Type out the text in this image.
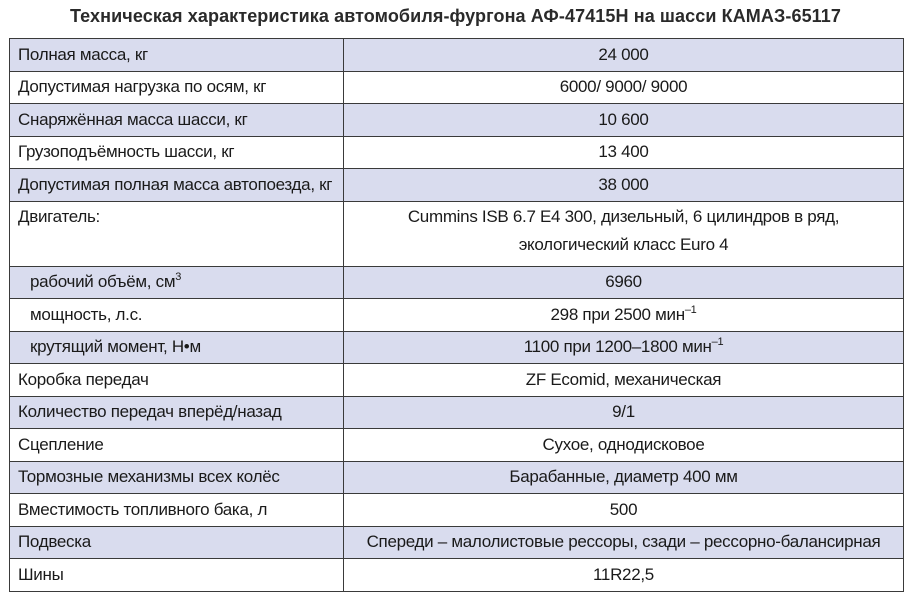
Техническая характеристика автомобиля-фургона АФ-47415Н на шасси КАМАЗ-65117
Полная масса, кг	24 000
Допустимая нагрузка по осям, кг	6000/ 9000/ 9000
Снаряжённая масса шасси, кг	10 600
Грузоподъёмность шасси, кг	13 400
Допустимая полная масса автопоезда, кг	38 000
Двигатель:	Cummins ISB 6.7 E4 300, дизельный, 6 цилиндров в ряд,
экологический класс Euro 4
рабочий объём, $см^3$	6960
мощность, л.с.	298 при 2500 мин$^{-1}$
крутящий момент, Н•м	1100 при 1200–1800 мин$^{-1}$
Коробка передач	ZF Ecomid, механическая
Количество передач вперёд/назад	9/1
Сцепление	Сухое, однодисковое
Тормозные механизмы всех колёс	Барабанные, диаметр 400 мм
Вместимость топливного бака, л	500
Подвеска	Спереди – малолистовые рессоры, сзади – рессорно-балансирная
Шины	11R22,5
